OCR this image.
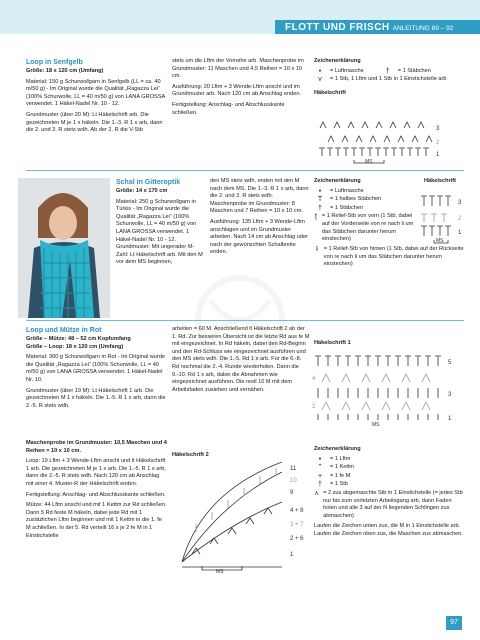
FLOTT UND FRISCH ANLEITUNG 89 – 92
Loop in Senfgelb

Größe: 18 x 120 cm (Umfang)

Material: 150 g Schurwollgarn in Senfgelb (LL = ca. 40 m/50 g) - Im Original wurde die Qualität „Ragazza Lei“ (100% Schurwolle, LL = 40 m/50 g) von LANA GROSSA verwendet. 1 Häkel-Nadel Nr. 10 - 12.

Grundmuster (über 20 M): Lt Häkelschrift arb. Die gezeichneten M je 1 x häkeln. Die 1.-3. R 1 x arb, dann die 2. und 3. R stets wdh. Ab der 2. R die V-Stb

stets um die Lftm der Vorreihe arb. Maschenprobe im Grundmuster: 11 Maschen und 4,5 Reihen = 10 x 10 cm.

Ausführung: 20 Lftm + 3 Wende-Lftm anschl und im Grundmuster arb. Nach 120 cm ab Anschlag enden.

Fertigstellung: Anschlag- und Abschlusskante schließen.

Zeichenerklärung
•	= Luftmasche	†	= 1 Stäbchen
⋎	= 1 Stb, 1 Lftm und 1 Stb in 1 Einstichstelle arb
Häkelschrift
3
2
1
MS
Schal in Gitteroptik

Größe: 14 x 170 cm

Material: 250 g Schurwollgarn in Türkis - Im Original wurde die Qualität „Ragazza Lei“ (100% Schurwolle, LL = 40 m/50 g) von LANA GROSSA verwendet. 1 Häkel-Nadel Nr. 10 - 12. Grundmuster: Mit ungerader M-Zahl: Lt Häkelschrift arb. Mit den M vor dem MS beginnen,

den MS stets wdh, enden mit den M nach dem MS. Die 1.-3. R 1 x arb, dann die 2. und 3. R stets wdh. Maschenprobe im Grundmuster: 8 Maschen und 7 Reihen = 10 x 10 cm.

Ausführung: 135 Lftm + 3 Wende-Lftm anschlagen und im Grundmuster arbeiten. Nach 14 cm ab Anschlag oder nach der gewünschten Schalbreite enden.

Zeichenerklärung
•	= Luftmasche
T	= 1 halbes Stäbchen
†	= 1 Stäbchen
ʈ = 1 Relief-Stb von vorn (1 Stb, dabei auf der Vorderseite von re nach li um das Stäbchen darunter herum einstechen)
ʇ	= 1 Relief-Stb von hinten (1 Stb, dabei auf der Rückseite von re nach li um das Stäbchen darunter herum einstechen)
Häkelschrift
3
2
1
MS
Loop und Mütze in Rot

Größe – Mütze: 48 – 52 cm Kopfumfang

Größe – Loop: 18 x 120 cm (Umfang)

Material: 300 g Schurwollgarn in Rot - Im Original wurde die Qualität „Ragazza Lei“ (100% Schurwolle, LL = 40 m/50 g) von LANA GROSSA verwendet. 1 Häkel-Nadel Nr. 10.

Grundmuster (über 19 M): Lt Häkelschrift 1 arb. Die gezeichneten M 1 x häkeln. Die 1.-5. R 1 x arb, dann die 2.-5. R stets wdh.

arbeiten = 60 M. Anschließend lt Häkelschrift 2 ab der 1. Rd. Zur besseren Übersicht ist die letzte Rd aus fe M mit eingezeichnet. In Rd häkeln, dabei den Rd-Beginn und den Rd-Schluss wie eingezeichnet ausführen und den MS stets wdh. Die 1.-5. Rd 1 x arb. Für die 6.-8. Rd nochmal die 2.-4. Runde wiederholen. Dann die 9.-10. Rd 1 x arb, dabei die Abnahmen wie eingezeichnet ausführen. Die restl 10 M mit dem Arbeitsfaden zusiehen und vernähen.

Häkelschrift 1
5
4
3
2
1
MS

Maschenprobe im Grundmuster: 10,5 Maschen und 4 Reihen = 10 x 10 cm.

Loop: 19 Lftm + 3 Wende-Lftm anschl und lt Häkelschrift 1 arb. Die gezeichneten M je 1 x arb. Die 1.-5. R 1 x arb, dann die 2.-5. R stets wdh. Nach 120 cm ab Anschlag mit einer 4. Muster-R der Häkelschrift enden.

Fertigstellung: Anschlag- und Abschlusskante schließen.

Mütze: 44 Lftm anschl und mit 1 Kettm zur Rd schließen. Dann 5 Rd feste M häkeln, dabei jede Rd mit 1 zusätzlichen Lftm beginnen und mit 1 Kettm in die 1. fe M schließen. In der 5. Rd verteilt 16 x je 2 fe M in 1 Einstichstelle

Häkelschrift 2
11
10
9
4 + 8
3 + 7
2 + 6
1
MS
Zeichenerklärung
•	= 1 Lftm
⌃	= 1 Kettm
+	= 1 fe M
†	= 1 Stb
⋏ = 2 zus abgemaschte Stb in 1 Einstichstelle (= jedes Stb nur bis zum vorletzten Arbeitsgang arb, dann Faden holen und alle 3 auf der N liegenden Schlingen zus abmaschen)

Laufen die Zeichen unten zus, die M in 1 Einstichstelle arb. Laufen die Zeichen oben zus, die Maschen zus abmaschen.

97
